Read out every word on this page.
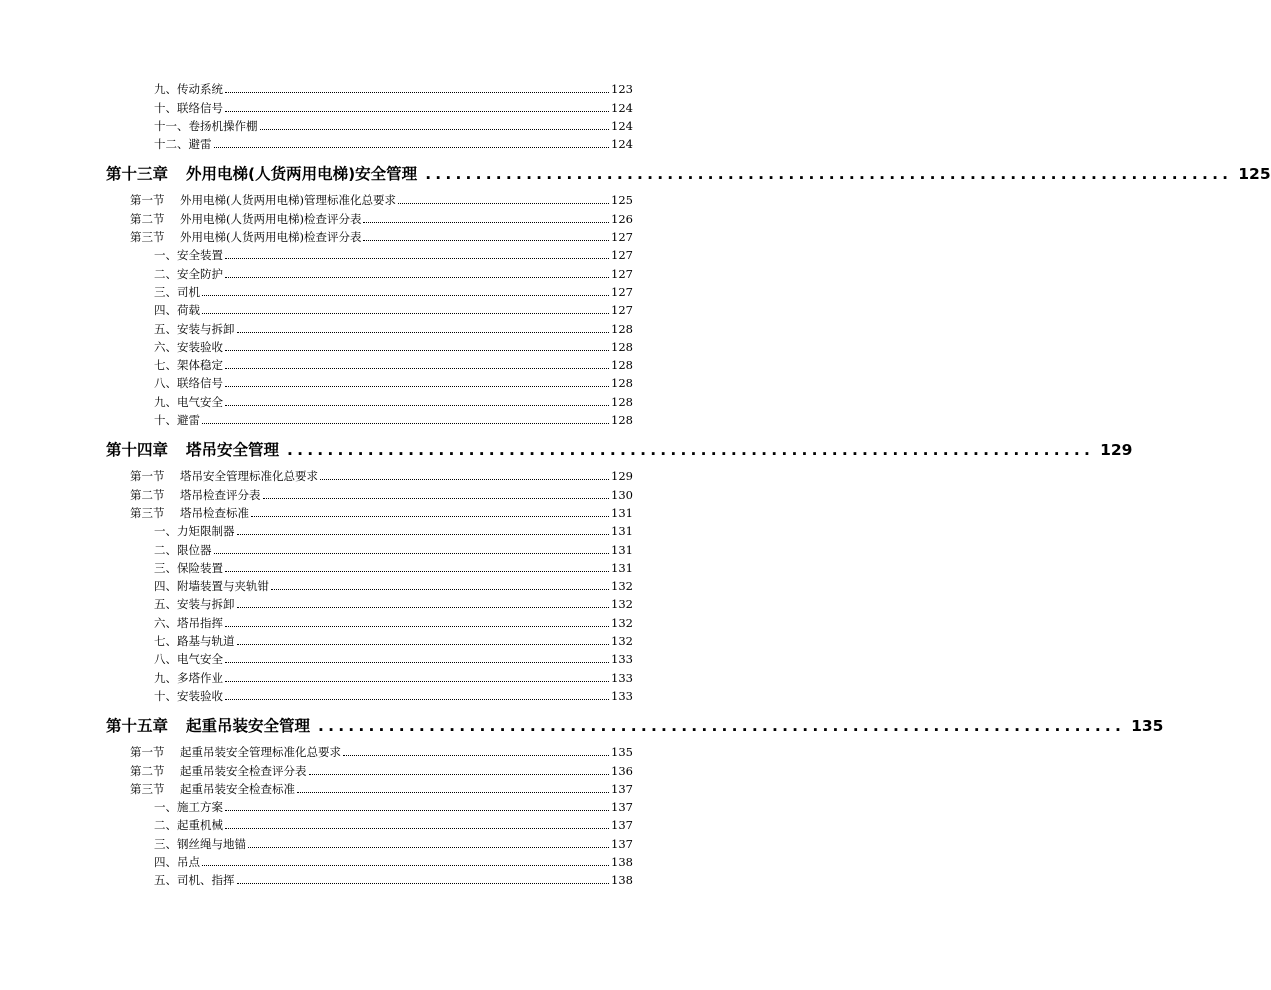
九、传动系统	123
十、联络信号	124
十一、卷扬机操作棚	124
十二、避雷	124
第十三章 外用电梯(人货两用电梯)安全管理 ................................................................................ 125
第一节	外用电梯(人货两用电梯)管理标准化总要求	125
第二节	外用电梯(人货两用电梯)检查评分表	126
第三节	外用电梯(人货两用电梯)检查评分表	127
一、安全装置	127
二、安全防护	127
三、司机	127
四、荷载	127
五、安装与拆卸	128
六、安装验收	128
七、架体稳定	128
八、联络信号	128
九、电气安全	128
十、避雷	128
第十四章 塔吊安全管理 ................................................................................ 129
第一节	塔吊安全管理标准化总要求	129
第二节	塔吊检查评分表	130
第三节	塔吊检查标准	131
一、力矩限制器	131
二、限位器	131
三、保险装置	131
四、附墙装置与夹轨钳	132
五、安装与拆卸	132
六、塔吊指挥	132
七、路基与轨道	132
八、电气安全	133
九、多塔作业	133
十、安装验收	133
第十五章 起重吊装安全管理 ................................................................................ 135
第一节	起重吊装安全管理标准化总要求	135
第二节	起重吊装安全检查评分表	136
第三节	起重吊装安全检查标准	137
一、施工方案	137
二、起重机械	137
三、钢丝绳与地锚	137
四、吊点	138
五、司机、指挥	138
